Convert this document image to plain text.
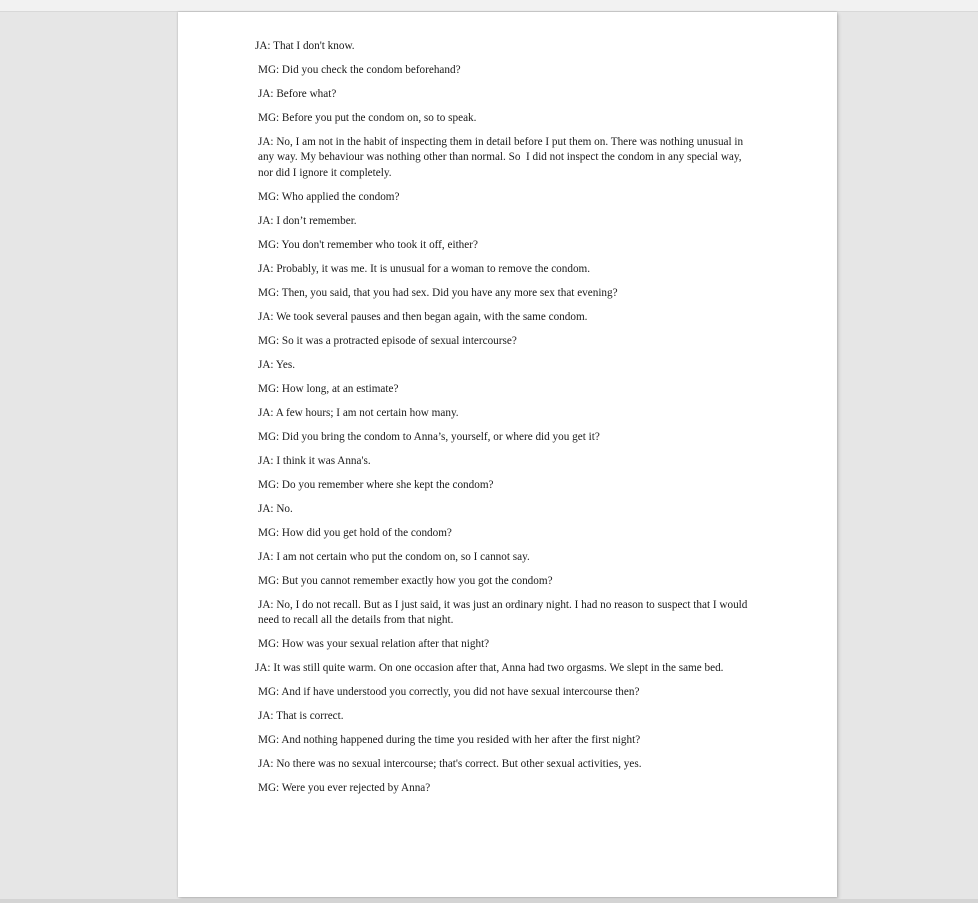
JA: That I don't know.

MG: Did you check the condom beforehand?

JA: Before what?

MG: Before you put the condom on, so to speak.

JA: No, I am not in the habit of inspecting them in detail before I put them on. There was nothing unusual in any way. My behaviour was nothing other than normal. So  I did not inspect the condom in any special way, nor did I ignore it completely.

MG: Who applied the condom?

JA: I don’t remember.

MG: You don't remember who took it off, either?

JA: Probably, it was me. It is unusual for a woman to remove the condom.

MG: Then, you said, that you had sex. Did you have any more sex that evening?

JA: We took several pauses and then began again, with the same condom.

MG: So it was a protracted episode of sexual intercourse?

JA: Yes.

MG: How long, at an estimate?

JA: A few hours; I am not certain how many.

MG: Did you bring the condom to Anna’s, yourself, or where did you get it?

JA: I think it was Anna's.

MG: Do you remember where she kept the condom?

JA: No.

MG: How did you get hold of the condom?

JA: I am not certain who put the condom on, so I cannot say.

MG: But you cannot remember exactly how you got the condom?

JA: No, I do not recall. But as I just said, it was just an ordinary night. I had no reason to suspect that I would need to recall all the details from that night.

MG: How was your sexual relation after that night?

JA: It was still quite warm. On one occasion after that, Anna had two orgasms. We slept in the same bed.

MG: And if have understood you correctly, you did not have sexual intercourse then?

JA: That is correct.

MG: And nothing happened during the time you resided with her after the first night?

JA: No there was no sexual intercourse; that's correct. But other sexual activities, yes.

MG: Were you ever rejected by Anna?
